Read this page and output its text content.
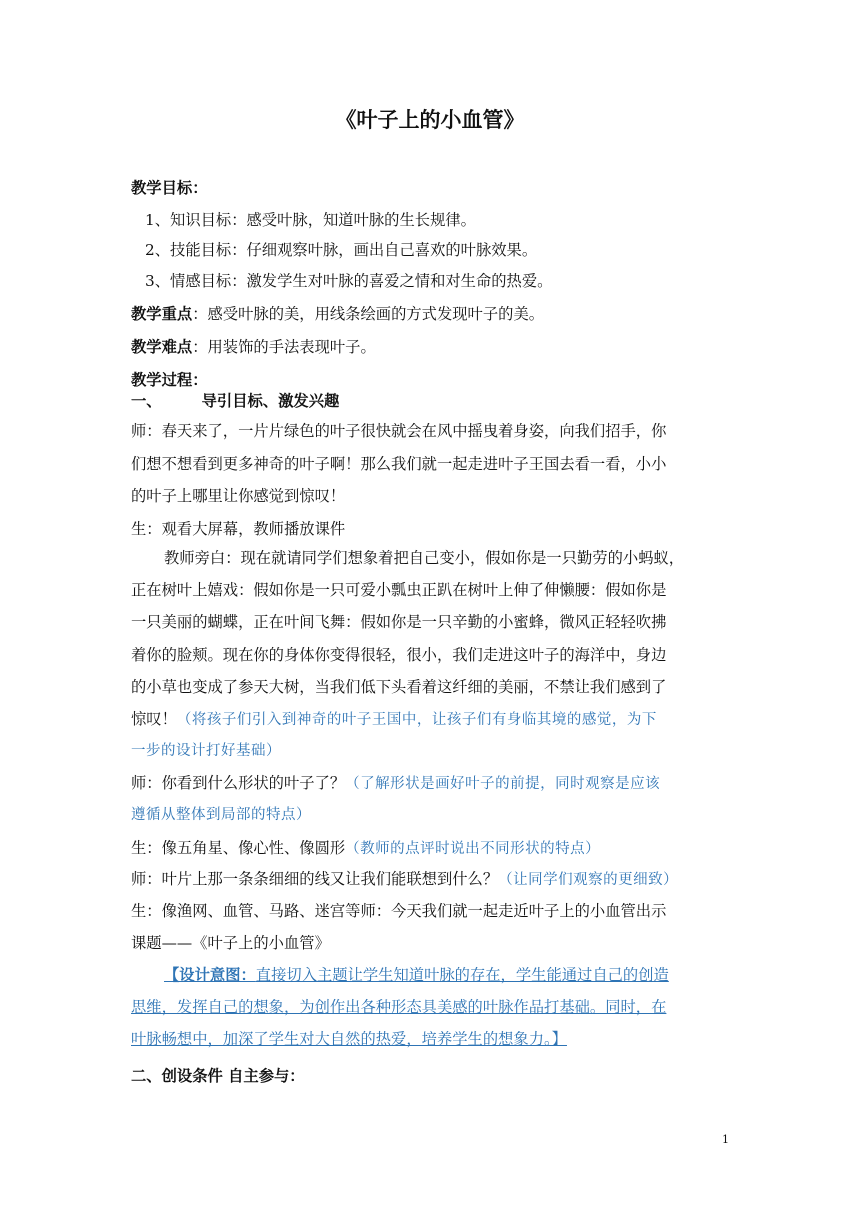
《叶子上的小血管》
教学目标：
1、知识目标：感受叶脉，知道叶脉的生长规律。
2、技能目标：仔细观察叶脉，画出自己喜欢的叶脉效果。
3、情感目标：激发学生对叶脉的喜爱之情和对生命的热爱。
教学重点：感受叶脉的美，用线条绘画的方式发现叶子的美。
教学难点：用装饰的手法表现叶子。
教学过程：
一、	导引目标、激发兴趣
师：春天来了，一片片绿色的叶子很快就会在风中摇曳着身姿，向我们招手，你
们想不想看到更多神奇的叶子啊！那么我们就一起走进叶子王国去看一看，小小
的叶子上哪里让你感觉到惊叹！
生：观看大屏幕，教师播放课件
教师旁白：现在就请同学们想象着把自己变小，假如你是一只勤劳的小蚂蚁，
正在树叶上嬉戏：假如你是一只可爱小瓢虫正趴在树叶上伸了伸懒腰：假如你是
一只美丽的蝴蝶，正在叶间飞舞：假如你是一只辛勤的小蜜蜂，微风正轻轻吹拂
着你的脸颊。现在你的身体你变得很轻，很小，我们走进这叶子的海洋中，身边
的小草也变成了参天大树，当我们低下头看着这纤细的美丽，不禁让我们感到了
惊叹！（将孩子们引入到神奇的叶子王国中，让孩子们有身临其境的感觉，为下
一步的设计打好基础）
师：你看到什么形状的叶子了？（了解形状是画好叶子的前提，同时观察是应该
遵循从整体到局部的特点）
生：像五角星、像心性、像圆形（教师的点评时说出不同形状的特点）
师：叶片上那一条条细细的线又让我们能联想到什么？（让同学们观察的更细致）
生：像渔网、血管、马路、迷宫等师：今天我们就一起走近叶子上的小血管出示
课题——《叶子上的小血管》
【设计意图：直接切入主题让学生知道叶脉的存在，学生能通过自己的创造
思维，发挥自己的想象，为创作出各种形态具美感的叶脉作品打基础。同时，在
叶脉畅想中，加深了学生对大自然的热爱，培养学生的想象力。】
二、创设条件 自主参与：
1
